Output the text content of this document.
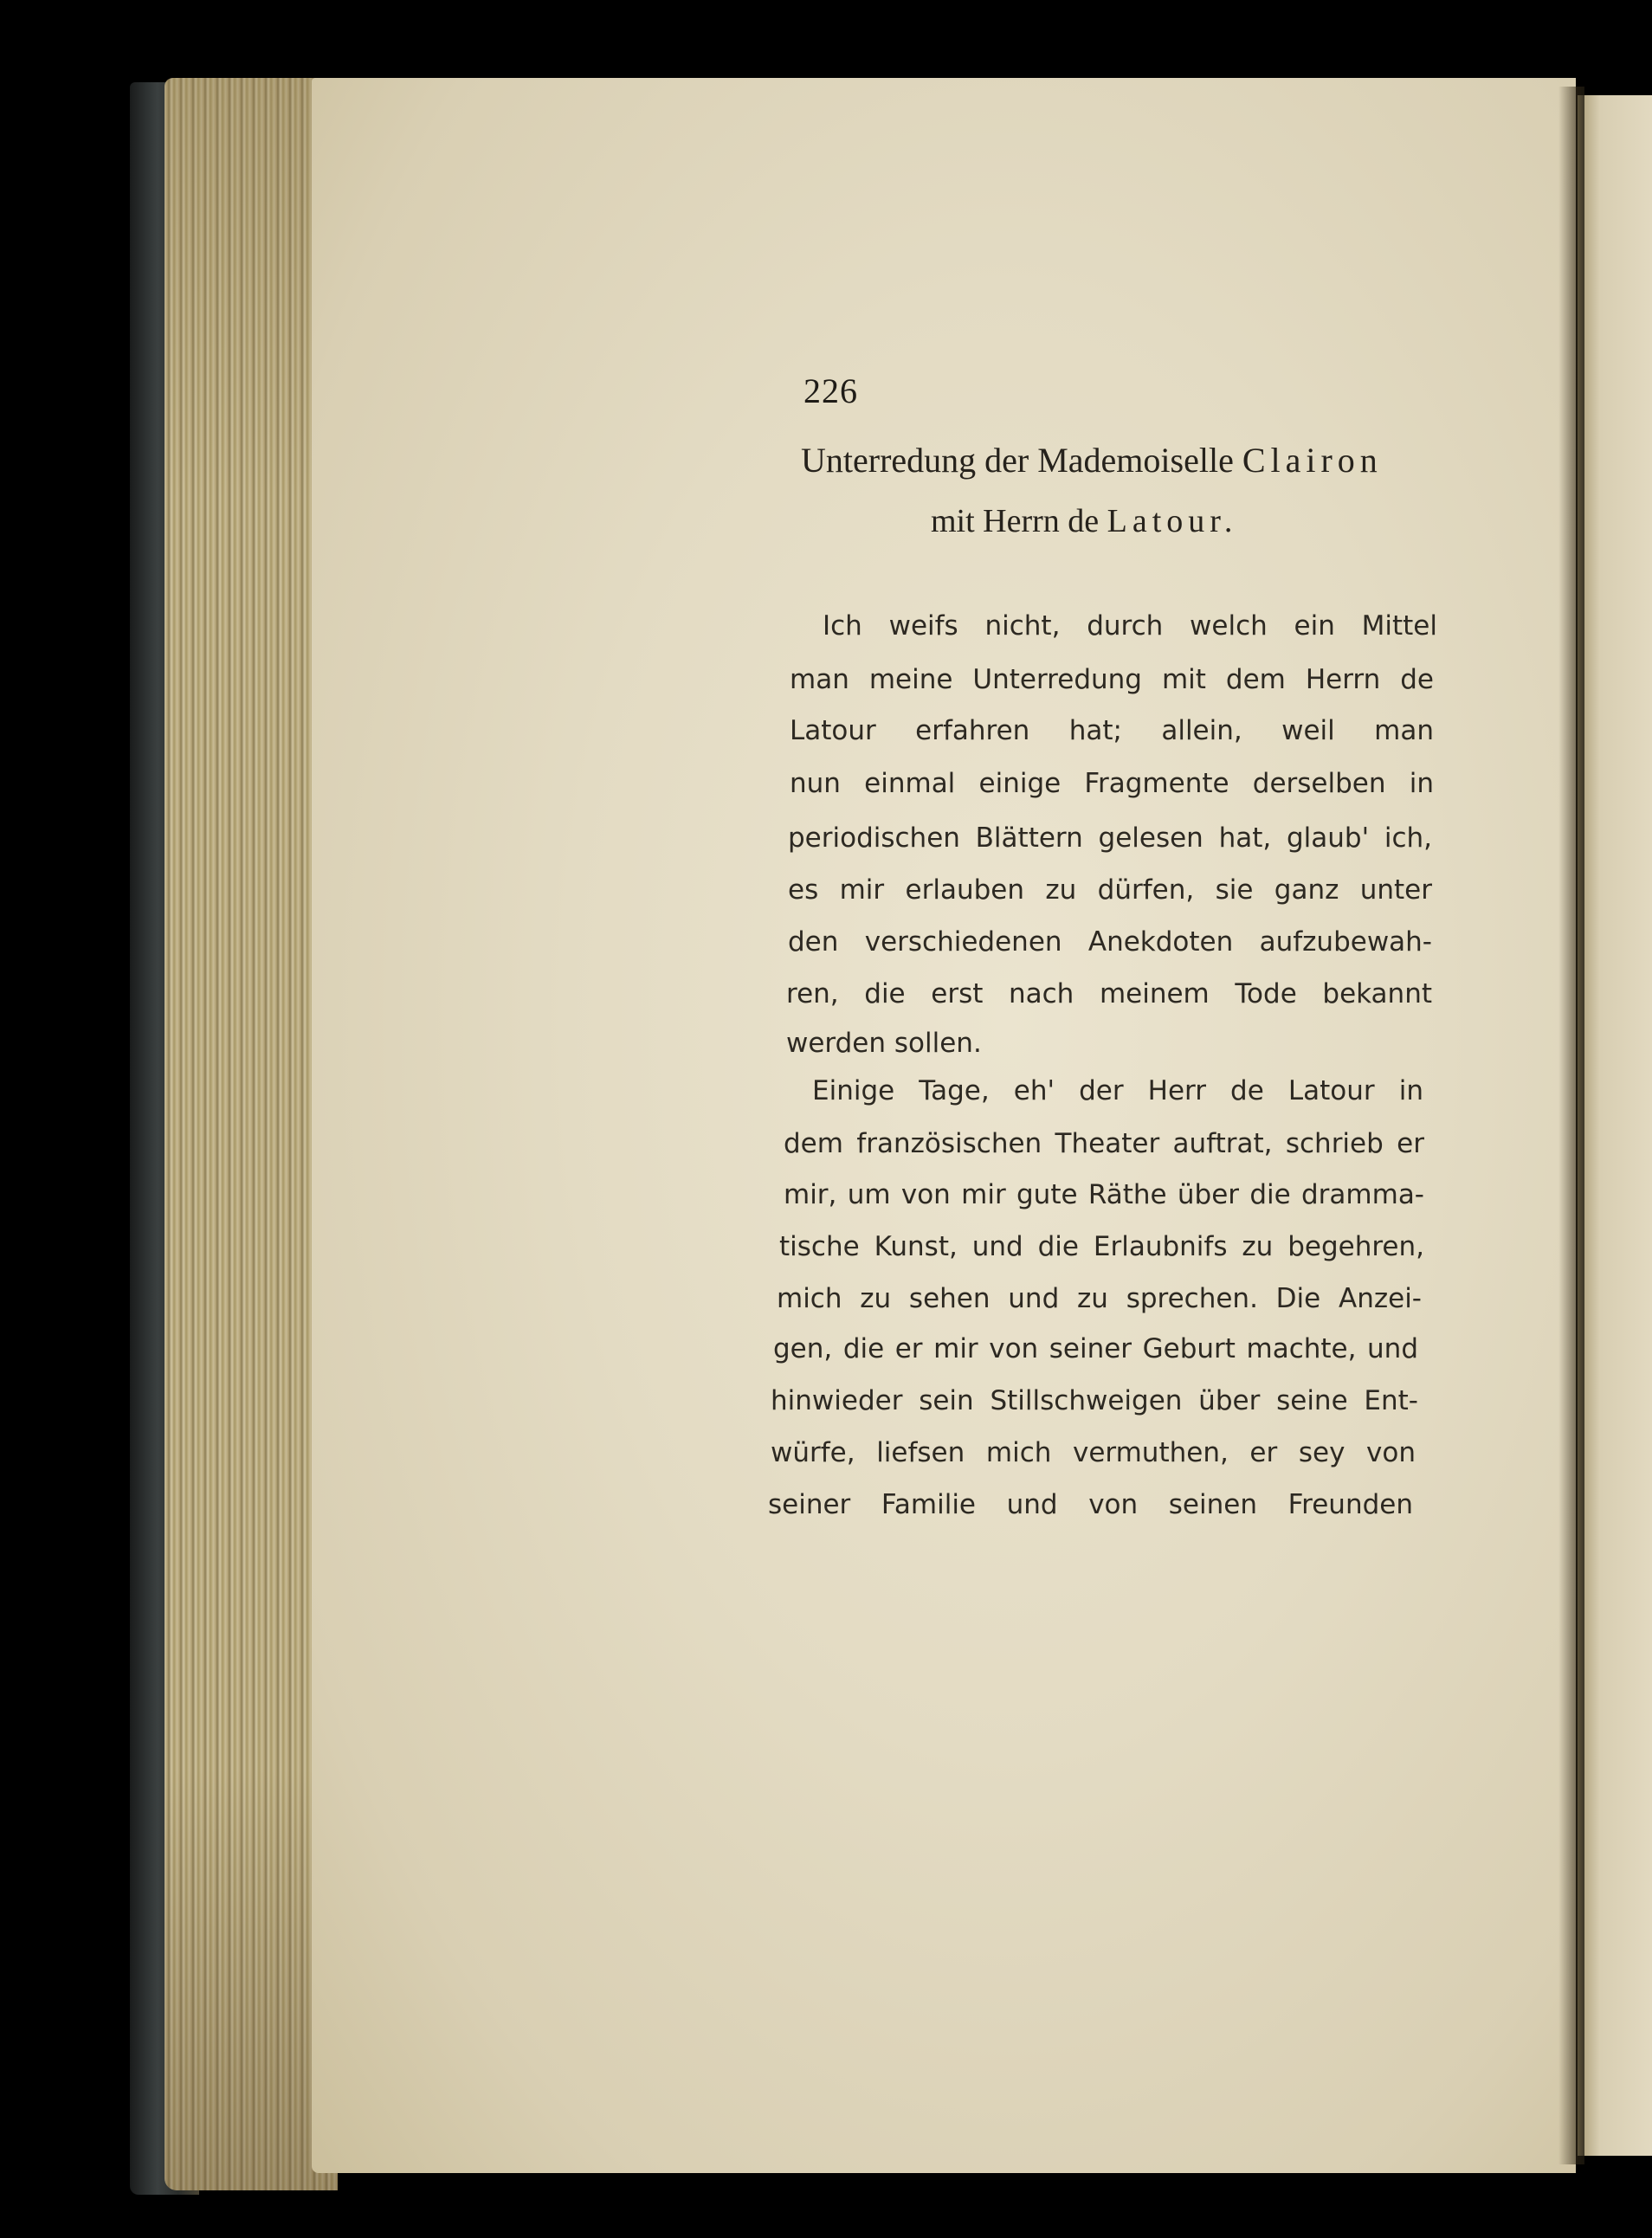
226
Unterredung der Mademoiselle Clairon
mit Herrn de Latour.
Ich weifs nicht, durch welch ein Mittel
man meine Unterredung mit dem Herrn de
Latour erfahren hat; allein, weil man
nun einmal einige Fragmente derselben in
periodischen Blättern gelesen hat, glaub' ich,
es mir erlauben zu dürfen, sie ganz unter
den verschiedenen Anekdoten aufzubewah-
ren, die erst nach meinem Tode bekannt
werden sollen.
Einige Tage, eh' der Herr de Latour in
dem französischen Theater auftrat, schrieb er
mir, um von mir gute Räthe über die dramma-
tische Kunst, und die Erlaubnifs zu begehren,
mich zu sehen und zu sprechen. Die Anzei-
gen, die er mir von seiner Geburt machte, und
hinwieder sein Stillschweigen über seine Ent-
würfe, liefsen mich vermuthen, er sey von
seiner Familie und von seinen Freunden
